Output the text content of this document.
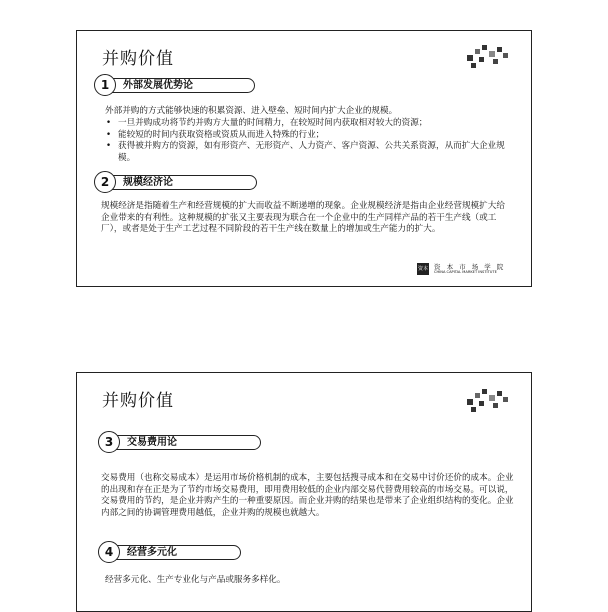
并购价值
1	外部发展优势论
外部并购的方式能够快速的积累资源、进入壁垒、短时间内扩大企业的规模。
• 一旦并购成功将节约并购方大量的时间精力，在较短时间内获取相对较大的资源；
• 能较短的时间内获取资格或资质从而进入特殊的行业；
• 获得被并购方的资源，如有形资产、无形资产、人力资产、客户资源、公共关系资源，从而扩大企业规模。
2	规模经济论
规模经济是指随着生产和经营规模的扩大而收益不断递增的现象。企业规模经济是指由企业经营规模扩大给企业带来的有利性。这种规模的扩张又主要表现为联合在一个企业中的生产同样产品的若干生产线（或工厂），或者是处于生产工艺过程不同阶段的若干生产线在数量上的增加或生产能力的扩大。
资本 资 本 市 场 学 院
CHINA CAPITAL MARKET INSTITUTE
并购价值
3	交易费用论
交易费用（也称交易成本）是运用市场价格机制的成本，主要包括搜寻成本和在交易中讨价还价的成本。企业的出现和存在正是为了节约市场交易费用，即用费用较低的企业内部交易代替费用较高的市场交易。可以说，交易费用的节约，是企业并购产生的一种重要原因。而企业并购的结果也是带来了企业组织结构的变化。企业内部之间的协调管理费用越低，企业并购的规模也就越大。
4	经营多元化
经营多元化、生产专业化与产品或服务多样化。
